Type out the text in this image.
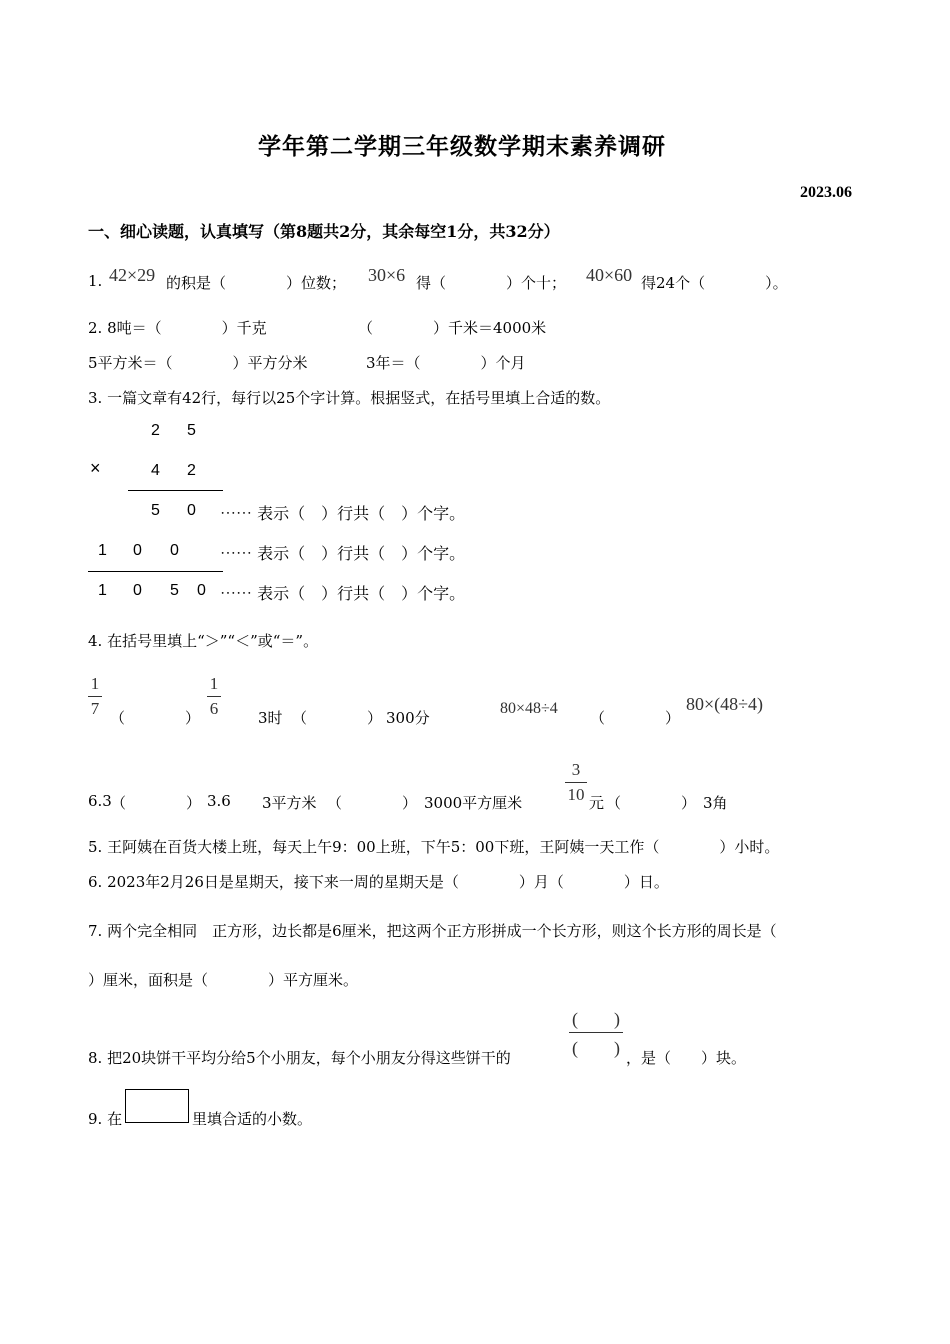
学年第二学期三年级数学期末素养调研
2023.06
一、细心读题，认真填写（第8题共2分，其余每空1分，共32分）
1. 42×29 的积是（　　　　）位数； 30×6 得（　　　　）个十； 40×60 得24个（　　　　）。
2. 8吨＝（　　　　）千克	（　　　　）千米＝4000米
5平方米＝（　　　　）平方分米	3年＝（　　　　）个月
3. 一篇文章有42行，每行以25个字计算。根据竖式，在括号里填上合适的数。
2 5
×	4 2
5 0 ⋯⋯ 表示（　）行共（　）个字。
1 0 0	⋯⋯ 表示（　）行共（　）个字。
1 0 5 0 ⋯⋯ 表示（　）行共（　）个字。
4. 在括号里填上“＞”“＜”或“＝”。
1
7 （　　　　）
1
6	3时 （　　　　） 300分
80×48÷4
（　　　　）
80×(48÷4)
6.3 （　　　　） 3.6 3平方米 （　　　　） 3000平方厘米
3
10 元 （　　　　） 3角
5. 王阿姨在百货大楼上班，每天上午9：00上班，下午5：00下班，王阿姨一天工作（　　　　）小时。
6. 2023年2月26日是星期天，接下来一周的星期天是（　　　　）月（　　　　）日。
7. 两个完全相同　正方形，边长都是6厘米，把这两个正方形拼成一个长方形，则这个长方形的周长是（
）厘米，面积是（　　　　）平方厘米。
8. 把20块饼干平均分给5个小朋友，每个小朋友分得这些饼干的
(　　)
(　　) ，是（　　）块。
9. 在	里填合适的小数。
